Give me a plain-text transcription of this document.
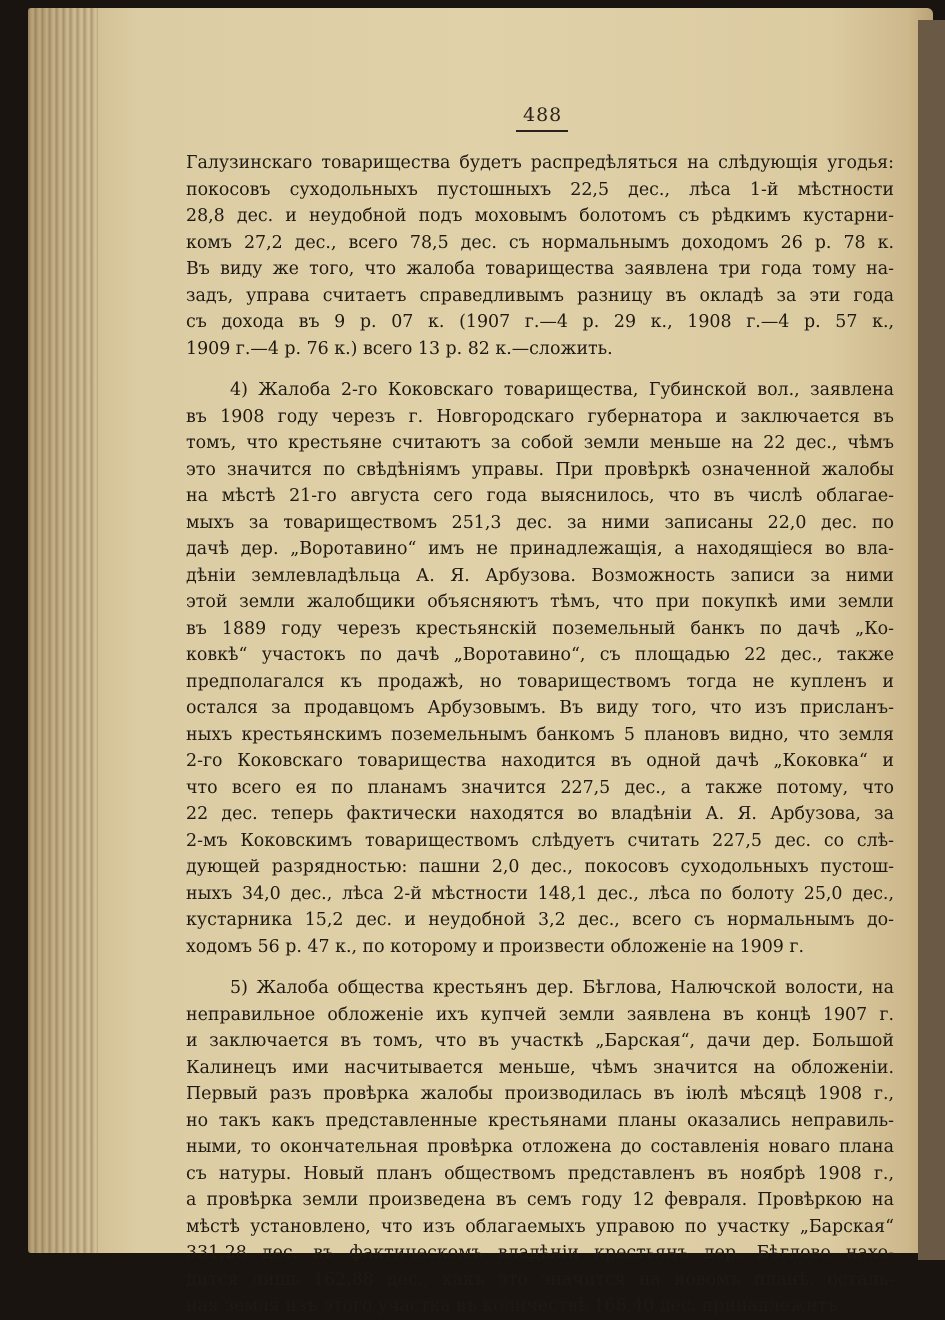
488
Галузинскаго товарищества будетъ распредѣляться на слѣдующія угодья:
покосовъ суходольныхъ пустошныхъ 22,5 дес., лѣса 1-й мѣстности
28,8 дес. и неудобной подъ моховымъ болотомъ съ рѣдкимъ кустарни-
комъ 27,2 дес., всего 78,5 дес. съ нормальнымъ доходомъ 26 р. 78 к.
Въ виду же того, что жалоба товарищества заявлена три года тому на-
задъ, управа считаетъ справедливымъ разницу въ окладѣ за эти года
съ дохода въ 9 р. 07 к. (1907 г.—4 р. 29 к., 1908 г.—4 р. 57 к.,
1909 г.—4 р. 76 к.) всего 13 р. 82 к.—сложить.
4) Жалоба 2-го Коковскаго товарищества, Губинской вол., заявлена
въ 1908 году черезъ г. Новгородскаго губернатора и заключается въ
томъ, что крестьяне считаютъ за собой земли меньше на 22 дес., чѣмъ
это значится по свѣдѣніямъ управы. При провѣркѣ означенной жалобы
на мѣстѣ 21-го августа сего года выяснилось, что въ числѣ облагае-
мыхъ за товариществомъ 251,3 дес. за ними записаны 22,0 дес. по
дачѣ дер. „Воротавино“ имъ не принадлежащія, а находящіеся во вла-
дѣніи землевладѣльца А. Я. Арбузова. Возможность записи за ними
этой земли жалобщики объясняютъ тѣмъ, что при покупкѣ ими земли
въ 1889 году черезъ крестьянскій поземельный банкъ по дачѣ „Ко-
ковкѣ“ участокъ по дачѣ „Воротавино“, съ площадью 22 дес., также
предполагался къ продажѣ, но товариществомъ тогда не купленъ и
остался за продавцомъ Арбузовымъ. Въ виду того, что изъ присланъ-
ныхъ крестьянскимъ поземельнымъ банкомъ 5 плановъ видно, что земля
2-го Коковскаго товарищества находится въ одной дачѣ „Коковка“ и
что всего ея по планамъ значится 227,5 дес., а также потому, что
22 дес. теперь фактически находятся во владѣніи А. Я. Арбузова, за
2-мъ Коковскимъ товариществомъ слѣдуетъ считать 227,5 дес. со слѣ-
дующей разрядностью: пашни 2,0 дес., покосовъ суходольныхъ пустош-
ныхъ 34,0 дес., лѣса 2-й мѣстности 148,1 дес., лѣса по болоту 25,0 дес.,
кустарника 15,2 дес. и неудобной 3,2 дес., всего съ нормальнымъ до-
ходомъ 56 р. 47 к., по которому и произвести обложеніе на 1909 г.
5) Жалоба общества крестьянъ дер. Бѣглова, Налючской волости, на
неправильное обложеніе ихъ купчей земли заявлена въ концѣ 1907 г.
и заключается въ томъ, что въ участкѣ „Барская“, дачи дер. Большой
Калинецъ ими насчитывается меньше, чѣмъ значится на обложеніи.
Первый разъ провѣрка жалобы производилась въ іюлѣ мѣсяцѣ 1908 г.,
но такъ какъ представленные крестьянами планы оказались неправиль-
ными, то окончательная провѣрка отложена до составленія новаго плана
съ натуры. Новый планъ обществомъ представленъ въ ноябрѣ 1908 г.,
а провѣрка земли произведена въ семъ году 12 февраля. Провѣркою на
мѣстѣ установлено, что изъ облагаемыхъ управою по участку „Барская“
331,28 дес. въ фактическомъ владѣніи крестьянъ дер. Бѣглово нахо-
дится лишь 162,88 дес., какъ это значится на новомъ планѣ, осталь-
ная земля изъ этого участка въ количествѣ 168,40 дес. принадлежитъ
